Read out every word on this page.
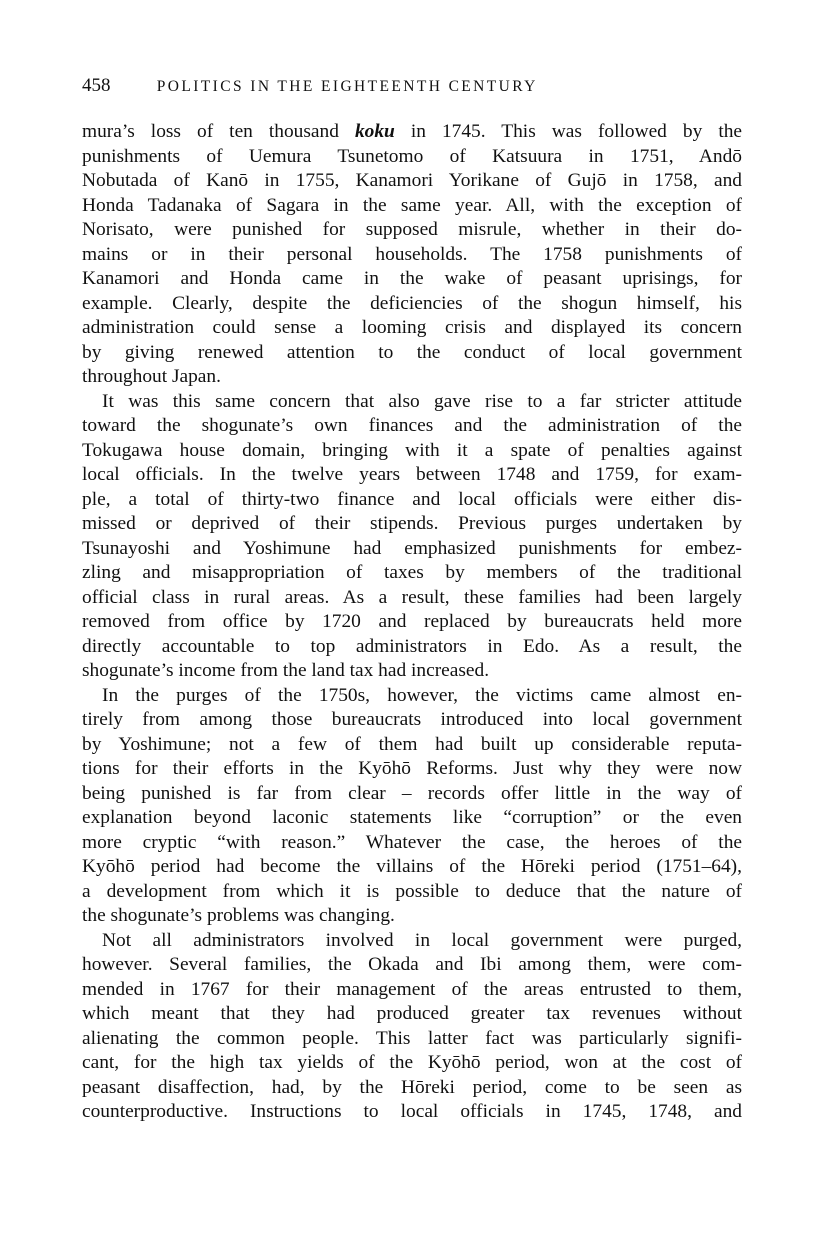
458	POLITICS IN THE EIGHTEENTH CENTURY
mura’s loss of ten thousand koku in 1745. This was followed by the
punishments of Uemura Tsunetomo of Katsuura in 1751, Andō
Nobutada of Kanō in 1755, Kanamori Yorikane of Gujō in 1758, and
Honda Tadanaka of Sagara in the same year. All, with the exception of
Norisato, were punished for supposed misrule, whether in their do-
mains or in their personal households. The 1758 punishments of
Kanamori and Honda came in the wake of peasant uprisings, for
example. Clearly, despite the deficiencies of the shogun himself, his
administration could sense a looming crisis and displayed its concern
by giving renewed attention to the conduct of local government
throughout Japan.
It was this same concern that also gave rise to a far stricter attitude
toward the shogunate’s own finances and the administration of the
Tokugawa house domain, bringing with it a spate of penalties against
local officials. In the twelve years between 1748 and 1759, for exam-
ple, a total of thirty-two finance and local officials were either dis-
missed or deprived of their stipends. Previous purges undertaken by
Tsunayoshi and Yoshimune had emphasized punishments for embez-
zling and misappropriation of taxes by members of the traditional
official class in rural areas. As a result, these families had been largely
removed from office by 1720 and replaced by bureaucrats held more
directly accountable to top administrators in Edo. As a result, the
shogunate’s income from the land tax had increased.
In the purges of the 1750s, however, the victims came almost en-
tirely from among those bureaucrats introduced into local government
by Yoshimune; not a few of them had built up considerable reputa-
tions for their efforts in the Kyōhō Reforms. Just why they were now
being punished is far from clear – records offer little in the way of
explanation beyond laconic statements like “corruption” or the even
more cryptic “with reason.” Whatever the case, the heroes of the
Kyōhō period had become the villains of the Hōreki period (1751–64),
a development from which it is possible to deduce that the nature of
the shogunate’s problems was changing.
Not all administrators involved in local government were purged,
however. Several families, the Okada and Ibi among them, were com-
mended in 1767 for their management of the areas entrusted to them,
which meant that they had produced greater tax revenues without
alienating the common people. This latter fact was particularly signifi-
cant, for the high tax yields of the Kyōhō period, won at the cost of
peasant disaffection, had, by the Hōreki period, come to be seen as
counterproductive. Instructions to local officials in 1745, 1748, and
